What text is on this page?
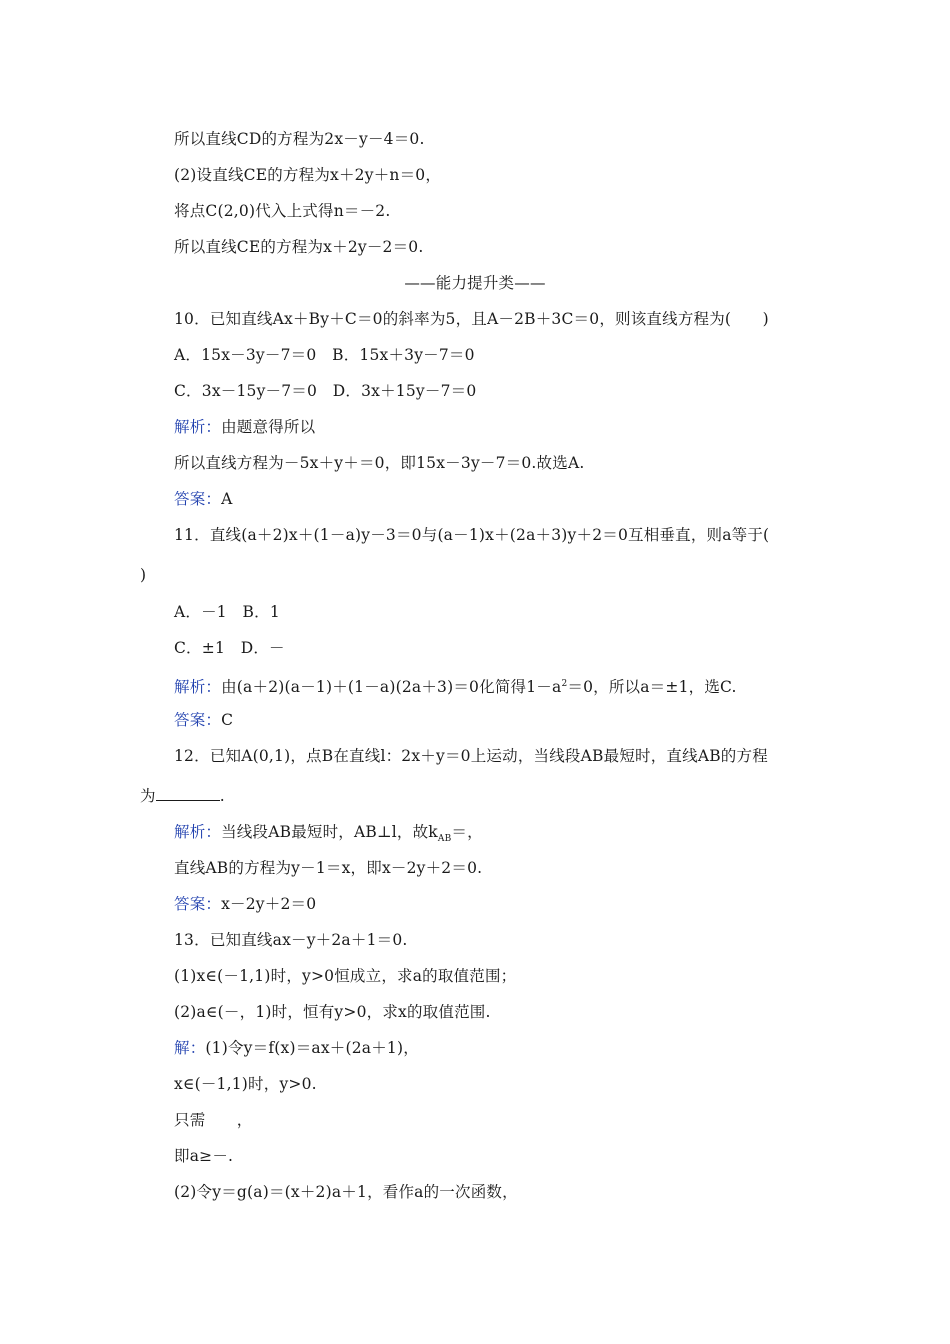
所以直线CD的方程为2x－y－4＝0.
(2)设直线CE的方程为x＋2y＋n＝0，
将点C(2,0)代入上式得n＝－2.
所以直线CE的方程为x＋2y－2＝0.
——能力提升类——
10．已知直线Ax＋By＋C＝0的斜率为5，且A－2B＋3C＝0，则该直线方程为(　　)
A．15x－3y－7＝0　B．15x＋3y－7＝0
C．3x－15y－7＝0　D．3x＋15y－7＝0
解析：由题意得所以
所以直线方程为－5x＋y＋＝0，即15x－3y－7＝0.故选A.
答案：A
11．直线(a＋2)x＋(1－a)y－3＝0与(a－1)x＋(2a＋3)y＋2＝0互相垂直，则a等于(
)
A．－1　B．1
C．±1　D．－
解析：由(a＋2)(a－1)＋(1－a)(2a＋3)＝0化简得$1-a^2=0$，所以a＝±1，选C.
答案：C
12．已知A(0,1)，点B在直线l：2x＋y＝0上运动，当线段AB最短时，直线AB的方程
为	.
解析：当线段AB最短时，AB⊥l，故$k_{AB}=$，
直线AB的方程为y－1＝x，即x－2y＋2＝0.
答案：x－2y＋2＝0
13．已知直线ax－y＋2a＋1＝0.
(1)x∈(－1,1)时，y>0恒成立，求a的取值范围；
(2)a∈(－，1)时，恒有y>0，求x的取值范围.
解：(1)令y＝f(x)＝ax＋(2a＋1)，
x∈(－1,1)时，y>0.
只需　　，
即a≥－.
(2)令y＝g(a)＝(x＋2)a＋1，看作a的一次函数，
